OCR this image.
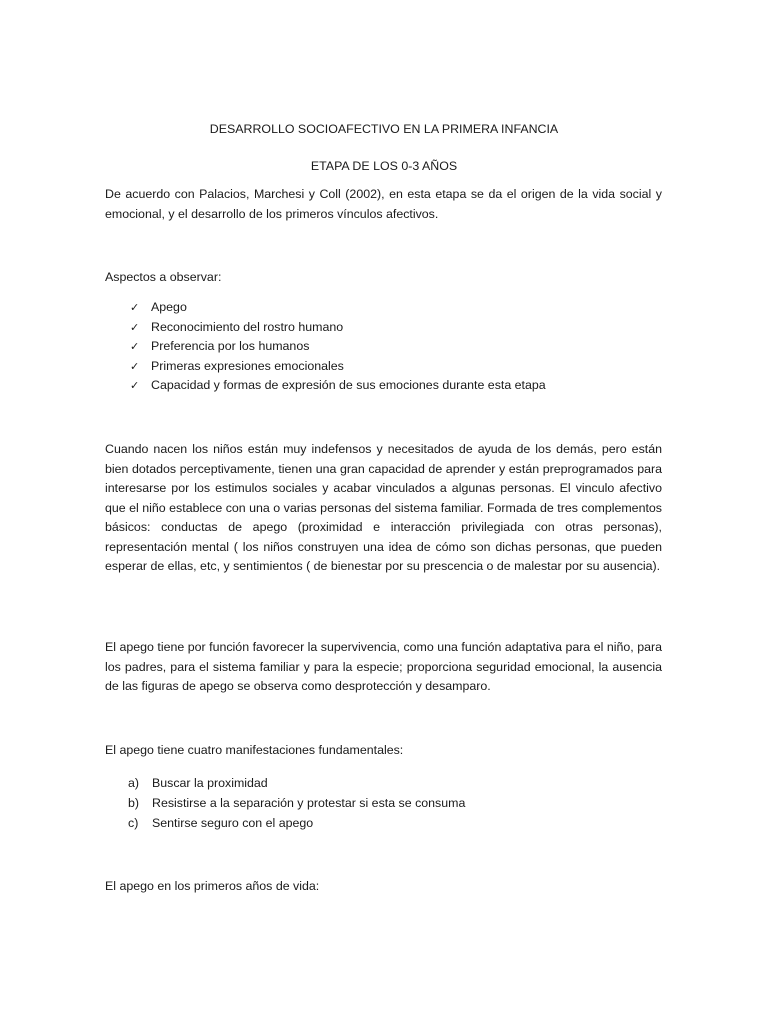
DESARROLLO SOCIOAFECTIVO EN LA PRIMERA INFANCIA
ETAPA DE LOS 0-3 AÑOS
De acuerdo con Palacios, Marchesi y Coll (2002), en esta etapa se da el origen de la vida social y emocional, y el desarrollo de los primeros vínculos afectivos.
Aspectos a observar:
✓ Apego
✓ Reconocimiento del rostro humano
✓ Preferencia por los humanos
✓ Primeras expresiones emocionales
✓ Capacidad y formas de expresión de sus emociones durante esta etapa
Cuando nacen los niños están muy indefensos y necesitados de ayuda de los demás, pero están bien dotados perceptivamente, tienen una gran capacidad de aprender y están preprogramados para interesarse por los estimulos sociales y acabar vinculados a algunas personas. El vinculo afectivo que el niño establece con una o varias personas del sistema familiar. Formada de tres complementos básicos: conductas de apego (proximidad e interacción privilegiada con otras personas), representación mental ( los niños construyen una idea de cómo son dichas personas, que pueden esperar de ellas, etc, y sentimientos ( de bienestar por su prescencia o de malestar por su ausencia).
El apego tiene por función favorecer la supervivencia, como una función adaptativa para el niño, para los padres, para el sistema familiar y para la especie; proporciona seguridad emocional, la ausencia de las figuras de apego se observa como desprotección y desamparo.
El apego tiene cuatro manifestaciones fundamentales:
a) Buscar la proximidad
b) Resistirse a la separación y protestar si esta se consuma
c) Sentirse seguro con el apego
El apego en los primeros años de vida:
